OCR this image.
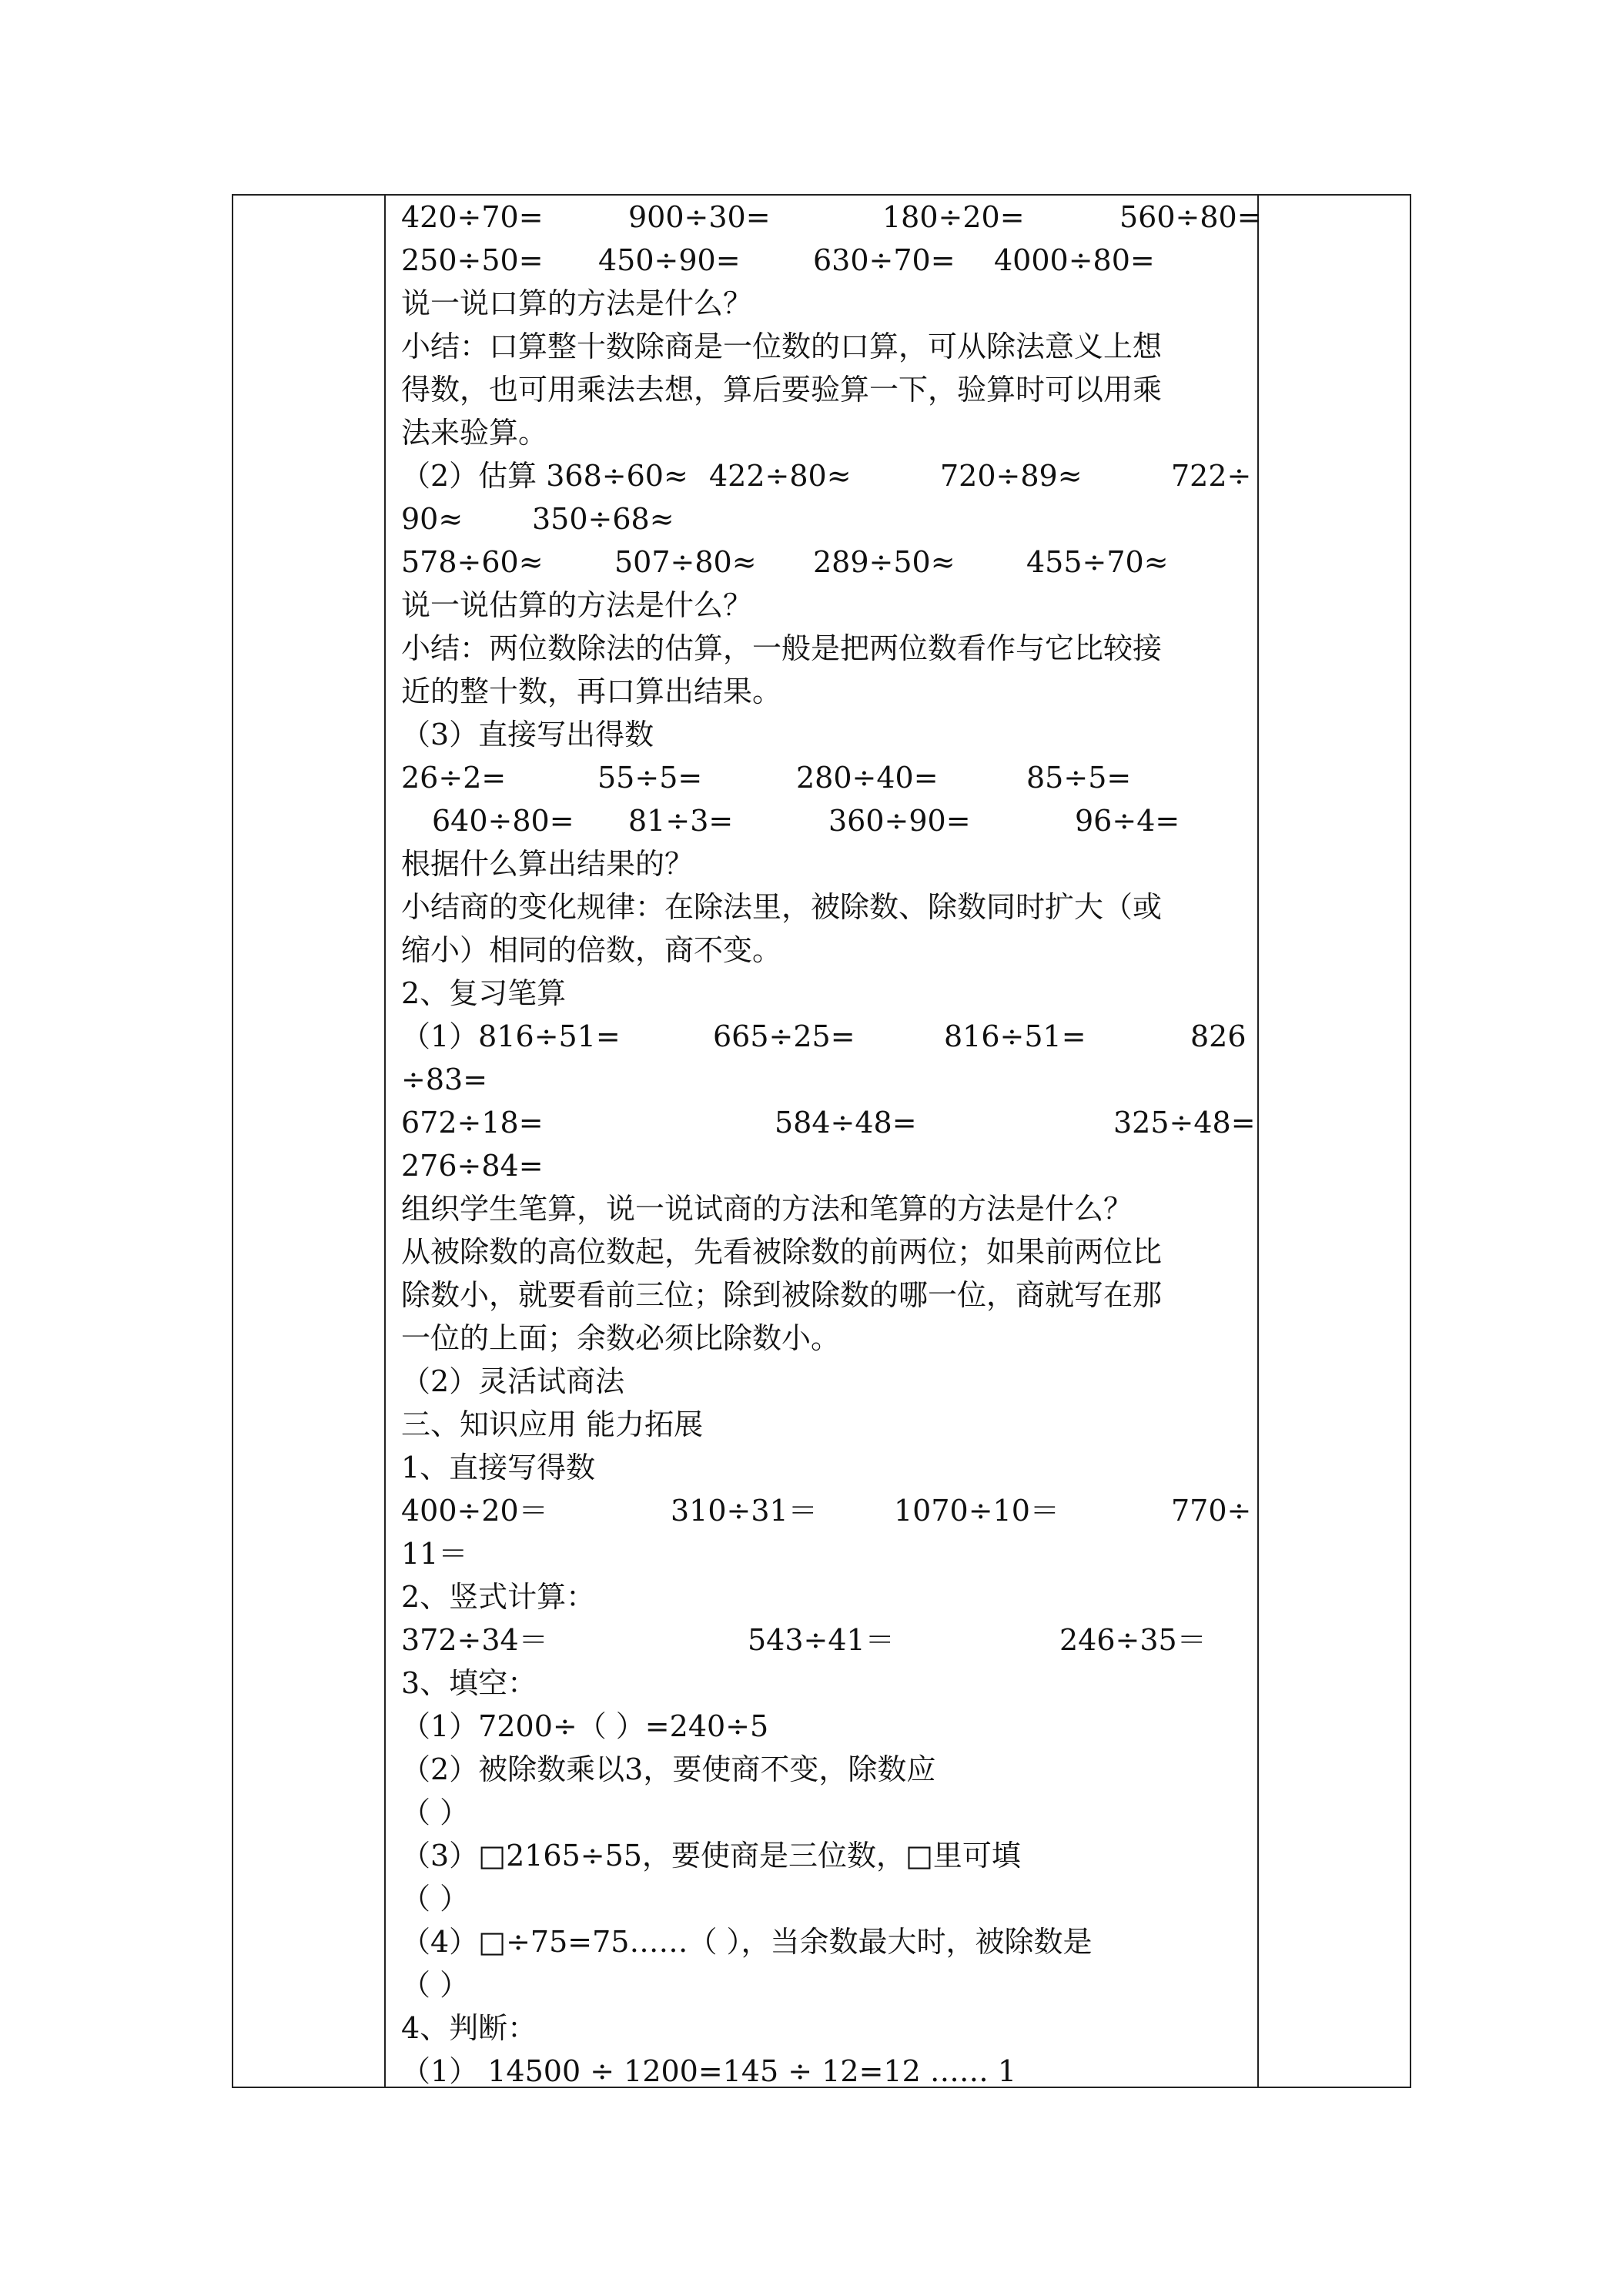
420÷70=	900÷30=	180÷20=	560÷80=
250÷50= 450÷90= 630÷70= 4000÷80=
说一说口算的方法是什么？
小结：口算整十数除商是一位数的口算，可从除法意义上想
得数，也可用乘法去想，算后要验算一下，验算时可以用乘
法来验算。
（2）估算 368÷60≈ 422÷80≈	720÷89≈	722÷
90≈ 350÷68≈
578÷60≈ 507÷80≈ 289÷50≈ 455÷70≈
说一说估算的方法是什么？
小结：两位数除法的估算，一般是把两位数看作与它比较接
近的整十数，再口算出结果。
（3）直接写出得数
26÷2=	55÷5=	280÷40=	85÷5=
640÷80= 81÷3=	360÷90=	96÷4=
根据什么算出结果的？
小结商的变化规律：在除法里，被除数、除数同时扩大（或
缩小）相同的倍数，商不变。
2、复习笔算
（1）816÷51=	665÷25=	816÷51=	826
÷83=
672÷18=	584÷48=	325÷48=
276÷84=
组织学生笔算，说一说试商的方法和笔算的方法是什么？
从被除数的高位数起，先看被除数的前两位；如果前两位比
除数小，就要看前三位；除到被除数的哪一位，商就写在那
一位的上面；余数必须比除数小。
（2）灵活试商法
三、知识应用 能力拓展
1、直接写得数
400÷20＝	310÷31＝	1070÷10＝	770÷
11＝
2、竖式计算：
372÷34＝	543÷41＝	246÷35＝
3、填空：
（1）7200÷（ ）=240÷5
（2）被除数乘以3，要使商不变，除数应
（ ）
（3）□2165÷55，要使商是三位数，□里可填
（ ）
（4）□÷75=75……（ ），当余数最大时，被除数是
（ ）
4、判断：
（1） 14500 ÷ 1200=145 ÷ 12=12 …… 1
